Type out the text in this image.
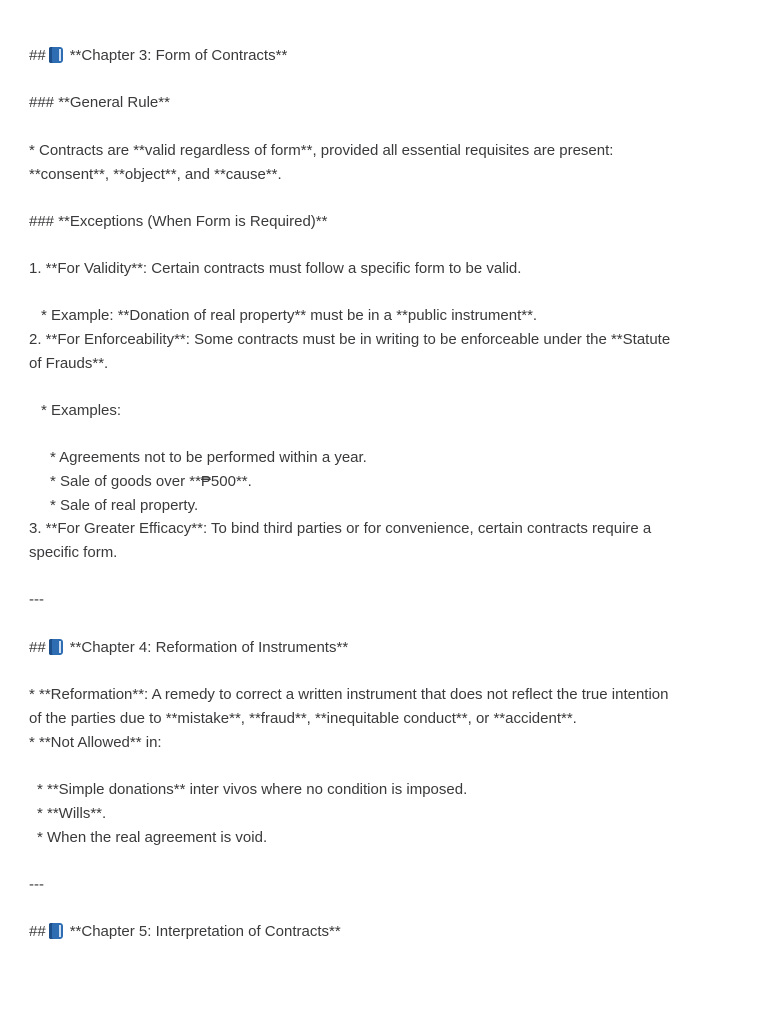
## **Chapter 3: Form of Contracts**
### **General Rule**
* Contracts are **valid regardless of form**, provided all essential requisites are present:
**consent**, **object**, and **cause**.
### **Exceptions (When Form is Required)**
1. **For Validity**: Certain contracts must follow a specific form to be valid.
* Example: **Donation of real property** must be in a **public instrument**.
2. **For Enforceability**: Some contracts must be in writing to be enforceable under the **Statute
of Frauds**.
* Examples:
* Agreements not to be performed within a year.
* Sale of goods over **₱500**.
* Sale of real property.
3. **For Greater Efficacy**: To bind third parties or for convenience, certain contracts require a
specific form.
---
## **Chapter 4: Reformation of Instruments**
* **Reformation**: A remedy to correct a written instrument that does not reflect the true intention
of the parties due to **mistake**, **fraud**, **inequitable conduct**, or **accident**.
* **Not Allowed** in:
* **Simple donations** inter vivos where no condition is imposed.
* **Wills**.
* When the real agreement is void.
---
## **Chapter 5: Interpretation of Contracts**
